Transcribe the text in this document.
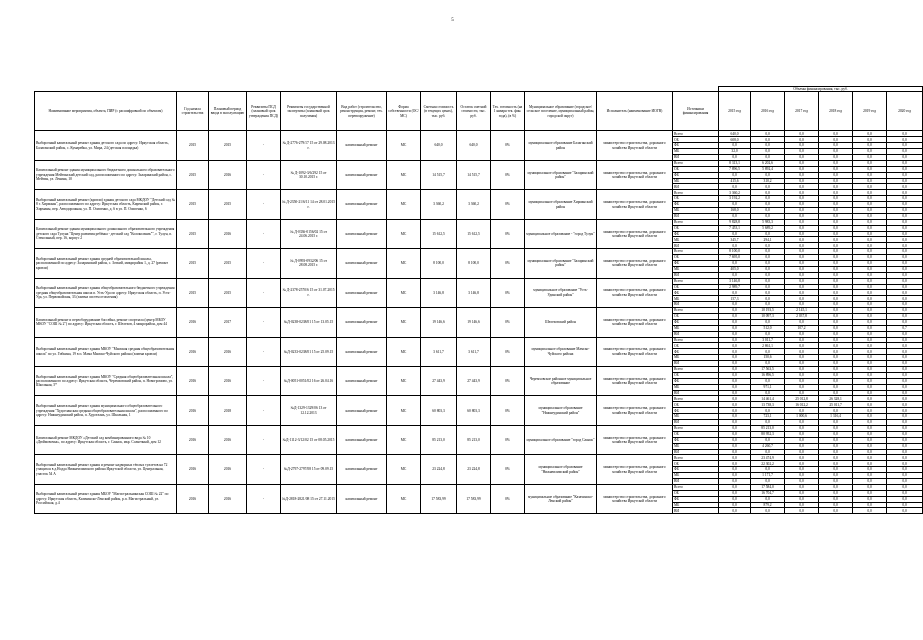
5
													Объемы финансирования, тыс. руб.					
Наименование мероприятия, объекта, ПИР (с расшифровкой по объектам)	Год начала строительства	Плановый период ввода в эксплуатацию	Реквизиты ПСД (плановый срок утверждения ПСД)	Реквизиты государственной экспертизы (плановый срок получения)	Вид работ (строительство, реконструкция, ремонт, тех. перевооружение)	Форма собственности (ОС/МС)	Сметная стоимость (в текущих ценах), тыс. руб.	Остаток сметной стоимости, тыс. руб.	Тех. готовность (на 1 января тек. фин. года), (в %)	Муниципальное образование (городское/сельское поселение, муниципальный район, городской округ)	Исполнитель (наименование ИОГВ)	Источники финансирования	2015 год	2016 год	2017 год	2018 год	2019 год	2020 год
Выборочный капитальный ремонт здания детского сада по адресу: Иркутская область, Балаганский район, с. Кумарейка, ул. Мира, 24 (детская площадка)	2015	2015	-	№ Д-2776-279/17 15 от 29.08.2013 г.	капитальный ремонт	МС	640,0	640,0	0%	муниципальное образование Балаганский район	министерство строительства, дорожного хозяйства Иркутской области	Всего	640,0	0,0	0,0	0,0	0,0	0,0
												ОБ	608,0	0,0	0,0	0,0	0,0	0,0
												ФБ	0,0	0,0	0,0	0,0	0,0	0,0
												МБ	32,0	0,0	0,0	0,0	0,0	0,0
												ВИ	0,0	0,0	0,0	0,0	0,0	0,0
Капитальный ремонт здания муниципального бюджетного дошкольного образовательного учреждения Мейтинский детский сад, расположенного по адресу: Заларинский район, с. Мейтин, ул. Ленина, 10	2015	2016	-	№ Д-1092-3/6/292 15 от 30.10.2015 г.	капитальный ремонт	МС	14 515,7	14 515,7	0%	муниципальное образование "Заларинский район"	министерство строительства, дорожного хозяйства Иркутской области	Всего	8 313,1	6 202,6	0,0	0,0	0,0	0,0
												ОБ	7 896,5	5 892,4	0,0	0,0	0,0	0,0
												ФБ	0,0	0,0	0,0	0,0	0,0	0,0
												МБ	415,6	310,2	0,0	0,0	0,0	0,0
												ВИ	0,0	0,0	0,0	0,0	0,0	0,0
Выборочный капитальный ремонт (кровли) здания детского сада МКДОУ "Детский сад № 8 г. Хирманы", расположенного по адресу: Иркутская область, Киренский район, г. Хирманы, пер. Автодорожная, ул. П. Осипенко, д. 6 в ул. П. Осипенко, 6	2015	2015	-	№ Д-2350-21/6/11 14 от 28.01.2015 г.	капитальный ремонт	МС	3 360,2	3 360,2	0%	муниципальное образование Хирманский район	министерство строительства, дорожного хозяйства Иркутской области	Всего	3 360,2	0,0	0,0	0,0	0,0	0,0
												ОБ	3 192,2	0,0	0,0	0,0	0,0	0,0
												ФБ	0,0	0,0	0,0	0,0	0,0	0,0
												МБ	168,0	0,0	0,0	0,0	0,0	0,0
												ВИ	0,0	0,0	0,0	0,0	0,0	0,0
Капитальный ремонт здания муниципального дошкольного образовательного учреждения детского сада Тулуна "Центр развития ребёнка - детский сад "Колокольчик"", г. Тулун, п. Стекольный, пер. 16, корпус 2	2015	2016	-	№ Д-0336-0156/02 15 от 24.06.2015 г.	капитальный ремонт	МС	15 612,5	15 612,5	0%	муниципальное образование - "город Тулун"	министерство строительства, дорожного хозяйства Иркутской области	Всего	9 828,8	5 983,3	0,0	0,0	0,0	0,0
												ОБ	7 453,1	5 689,2	0,0	0,0	0,0	0,0
												ФБ	0,0	0,0	0,0	0,0	0,0	0,0
												МБ	345,7	294,1	0,0	0,0	0,0	0,0
												ВИ	0,0	0,0	0,0	0,0	0,0	0,0
Выборочный капитальный ремонт здания средней образовательной школы, расположенной по адресу: Заларинский район, с. Зоткий, микрорайон 1, д. 27 (ремонт кровли)	2015	2015	-	№ Д-0993-0932/06 15 от 28.08.2015 г.	капитальный ремонт	МС	8 100,0	8 100,0	0%	муниципальное образование "Заларинский район"	министерство строительства, дорожного хозяйства Иркутской области	Всего	8 100,0	0,0	0,0	0,0	0,0	0,0
												ОБ	7 695,0	0,0	0,0	0,0	0,0	0,0
												ФБ	0,0	0,0	0,0	0,0	0,0	0,0
												МБ	405,0	0,0	0,0	0,0	0,0	0,0
												ВИ	0,0	0,0	0,0	0,0	0,0	0,0
Выборочный капитальный ремонт здания общеобразовательного бюджетного учреждения средняя общеобразовательная школа п. Усть-Уда по адресу: Иркутская область, п. Усть-Уда, ул. Первомайская, 33 (замена систем отопления)	2015	2015	-	№ Д-2378-2570/6 15 от 31.07.2015 г.	капитальный ремонт	МС	3 146,8	3 146,8	0%	муниципальное образование "Усть-Удинский район"	министерство строительства, дорожного хозяйства Иркутской области	Всего	3 146,8	0,0	0,0	0,0	0,0	0,0
												ОБ	2 989,7	0,0	0,0	0,0	0,0	0,0
												ФБ	0,0	0,0	0,0	0,0	0,0	0,0
												МБ	157,3	0,0	0,0	0,0	0,0	0,0
												ВИ	0,0	0,0	0,0	0,0	0,0	0,0
Капитальный ремонт и переоборудование бассейна, ремонт спортзала (центр МБОУ МКОУ "СОШ № 2") по адресу: Иркутская область, г. Шелехов, 4 микрорайон, дом 44	2016	2017	-	№Д-0238-0238/01 15 от 13.05.15	капитальный ремонт	МС	19 146,6	19 146,6	0%	Шелеховский район	министерство строительства, дорожного хозяйства Иркутской области	Всего	0,0	10 193,5	2 145,1	0,0	0,0	0,0
												ОБ	0,0	10 097,3	2 037,8	0,0	0,0	0,0
												ФБ	0,0	0,0	0,0	0,0	0,0	0,0
												МБ	0,0	512,0	107,2	0,0	0,0	0,7
												ВИ	0,0	0,0	0,0	0,0	0,0	0,0
Выборочный капитальный ремонт здания МКОУ "Мамская средняя общеобразовательная школа" по ул. Гибкина, 19 в п. Мама Мамско-Чуйского района (замена кровли)	2016	2016	-	№Д-0233-0238/01 15 от 25.09.15	капитальный ремонт	МС	3 611,7	3 611,7	0%	муниципальное образование Мамско-Чуйского района	министерство строительства, дорожного хозяйства Иркутской области	Всего	0,0	3 011,7	0,0	0,0	0,0	0,0
												ОБ	0,0	2 861,1	0,0	0,0	0,0	0,0
												ФБ	0,0	0,0	0,0	0,0	0,0	0,0
												МБ	0,0	150,6	0,0	0,0	0,0	0,0
												ВИ	0,0	0,0	0,0	0,0	0,0	0,0
Выборочный капитальный ремонт здания МКОУ "Средняя общеобразовательная школа", расположенного по адресу: Иркутская область, Черемховский район, п. Новогромово, ул. Школьная, 5*	2016	2016	-	№Д-0051-0051/02 16 от 26.04.16	капитальный ремонт	МС	27 443,9	27 443,9	0%	Черемховское районное муниципальное образование	министерство строительства, дорожного хозяйства Иркутской области	Всего	0,0	17 563,5	0,0	0,0	0,0	0,0
												ОБ	0,0	16 896,5	0,0	0,0	0,0	0,0
												ФБ	0,0	0,0	0,0	0,0	0,0	0,0
												МБ	0,0	971,1	0,0	0,0	0,0	0,0
												ВИ	0,0	0,0	0,0	0,0	0,0	0,0
Выборочный капитальный ремонт здания муниципального общеобразовательного учреждения "Худоеланская средняя общеобразовательная школа", расположенного по адресу: Нижнеудинский район, п. Худоелань, ул. Школьная, 1	2016	2018	-	№Д-1329-1329/06 13 от 12.12.2013	капитальный ремонт	МС	60 803,3	60 803,3	0%	муниципальное образование "Нижнеудинский район"	министерство строительства, дорожного хозяйства Иркутской области	Всего	0,0	14 461,4	25 012,8	26 328,1	0,0	0,0
												ОБ	0,0	13 738,3	16 012,2	25 011,7	0,0	0,0
												ФБ	0,0	0,0	0,0	0,0	0,0	0,0
												МБ	0,0	723,1	1 000,6	1 316,4	0,0	0,0
												ВИ	0,0	0,0	0,0	0,0	0,0	0,0
Капитальный ремонт МКДОУ «Детский сад комбинированного вида № 10 «Дюймовочка», по адресу: Иркутская область, г. Саянск, мкр. Солнечный, дом 12	2016	2016	-	№Д-1112-3/12/02 15 от 08.05.2015	капитальный ремонт	МС	85 213,0	85 213,0	0%	муниципальное образование "город Саянск"	министерство строительства, дорожного хозяйства Иркутской области	Всего	0,0	85 213,0	0,0	0,0	0,0	0,0
												ОБ	0,0	80 952,3	0,0	0,0	0,0	0,0
												ФБ	0,0	0,0	0,0	0,0	0,0	0,0
												МБ	0,0	4 260,7	0,0	0,0	0,0	0,0
												ВИ	0,0	0,0	0,0	0,0	0,0	0,0
Выборочный капитальный ремонт здания и ремонт надворных тёплых туалетов на 72 учащихся в д.Нодда Нижнеилимского района Иркутской области, ул. Центральная, участок 54 А	2016	2016	-	№Д-2797-2797/08 15 от 09.09.15	капитальный ремонт	МС	23 224,8	23 224,8	0%	муниципальное образование "Нижнеилимский район"	министерство строительства, дорожного хозяйства Иркутской области	Всего	0,0	23 474,9	0,0	0,0	0,0	0,0
												ОБ	0,0	22 302,2	0,0	0,0	0,0	0,0
												ФБ	0,0	0,0	0,0	0,0	0,0	0,0
												МБ	0,0	1 171,7	0,0	0,0	0,0	0,0
												ВИ	0,0	0,0	0,0	0,0	0,0	0,0
Выборочный капитальный ремонт здания МБОУ "Магистральнинская СОШ № 22" по адресу: Иркутская область, Казачинско-Ленский район, р.п. Магистральный, ул. Российская, д.4	2016	2016	-	№Д-2818-2821/08 15 от 27.11.2015	капитальный ремонт	МС	17 583,99	17 583,99	0%	муниципальное образование "Казачинско-Ленский район"	министерство строительства, дорожного хозяйства Иркутской области	Всего	0,0	17 584,0	0,0	0,0	0,0	0,0
												ОБ	0,0	16 704,7	0,0	0,0	0,0	0,0
												ФБ	0,0	0,0	0,0	0,0	0,0	0,0
												МБ	0,0	879,2	0,0	0,0	0,0	0,0
												ВИ	0,0	0,0	0,0	0,0	0,0	0,0
